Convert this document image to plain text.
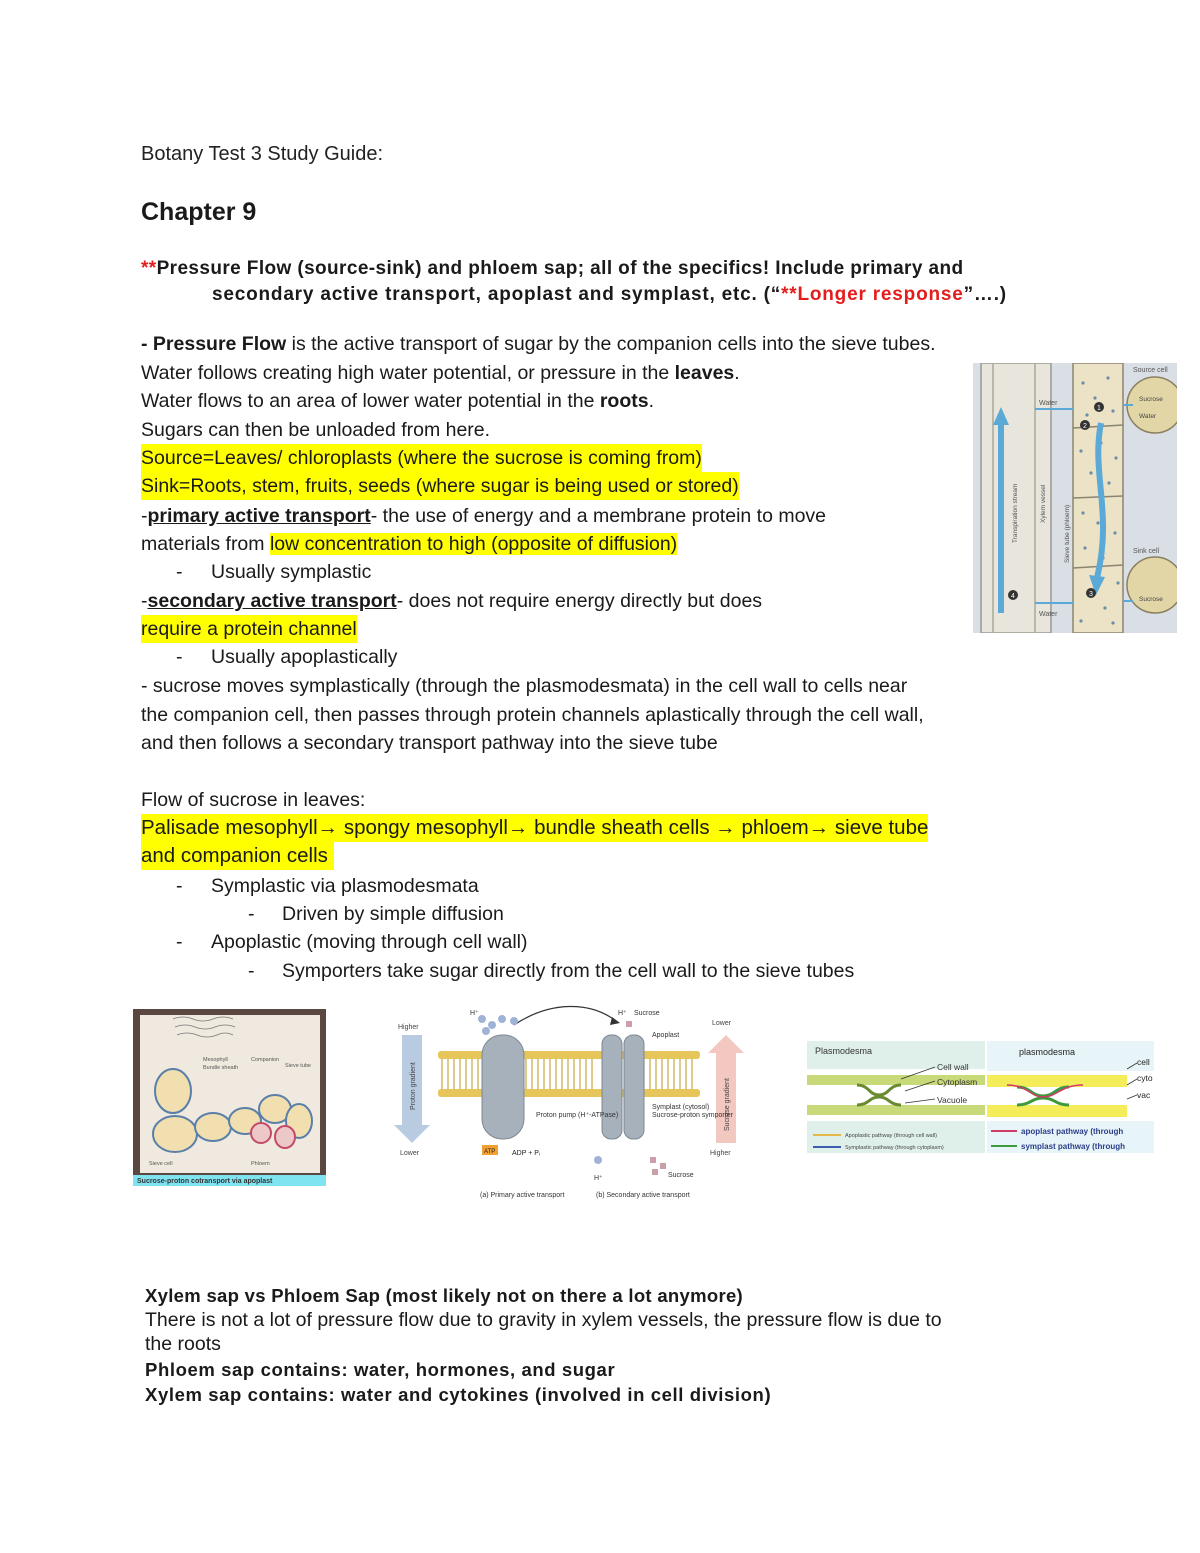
Botany Test 3 Study Guide:
Chapter 9
**Pressure Flow (source-sink) and phloem sap; all of the specifics! Include primary and
secondary active transport, apoplast and symplast, etc. (“**Longer response”….)
- Pressure Flow is the active transport of sugar by the companion cells into the sieve tubes.
Water follows creating high water potential, or pressure in the leaves.
Water flows to an area of lower water potential in the roots.
Sugars can then be unloaded from here.
Source=Leaves/ chloroplasts (where the sucrose is coming from)
Sink=Roots, stem, fruits, seeds (where sugar is being used or stored)
-primary active transport- the use of energy and a membrane protein to move
materials from low concentration to high (opposite of diffusion)
- Usually symplastic
-secondary active transport- does not require energy directly but does
require a protein channel
- Usually apoplastically
- sucrose moves symplastically (through the plasmodesmata) in the cell wall to cells near
the companion cell, then passes through protein channels aplastically through the cell wall,
and then follows a secondary transport pathway into the sieve tube
1
2
4	3
Source cell
Sucrose
Water
Water
Sink cell
Sucrose
Water
Transpiration stream	Xylem vessel
Sieve tube (phloem)
Flow of sucrose in leaves:
Palisade mesophyll→ spongy mesophyll→ bundle sheath cells → phloem→ sieve tube
and companion cells
- Symplastic via plasmodesmata
- Driven by simple diffusion
- Apoplastic (moving through cell wall)
- Symporters take sugar directly from the cell wall to the sieve tubes
Sucrose-proton cotransport via apoplast
Mesophyll
Bundle sheath
Companion
Sieve tube
Sieve cell	Phloem
Proton gradient
Higher
Lower
Sucrose gradient
Lower
Higher
ATP ADP + Pᵢ
H⁺	H⁺ Sucrose
Apoplast
Proton pump (H⁺-ATPase)	Sucrose-proton symporter
Symplast (cytosol)
H⁺	Sucrose
(a) Primary active transport	(b) Secondary active transport
Plasmodesma
Cell wall
Cytoplasm
Vacuole
Apoplastic pathway (through cell wall)
Symplastic pathway (through cytoplasm)
plasmodesma
cell
cyto
vac
apoplast pathway (through
symplast pathway (through
Xylem sap vs Phloem Sap (most likely not on there a lot anymore)
There is not a lot of pressure flow due to gravity in xylem vessels, the pressure flow is due to
the roots
Phloem sap contains: water, hormones, and sugar
Xylem sap contains: water and cytokines (involved in cell division)
